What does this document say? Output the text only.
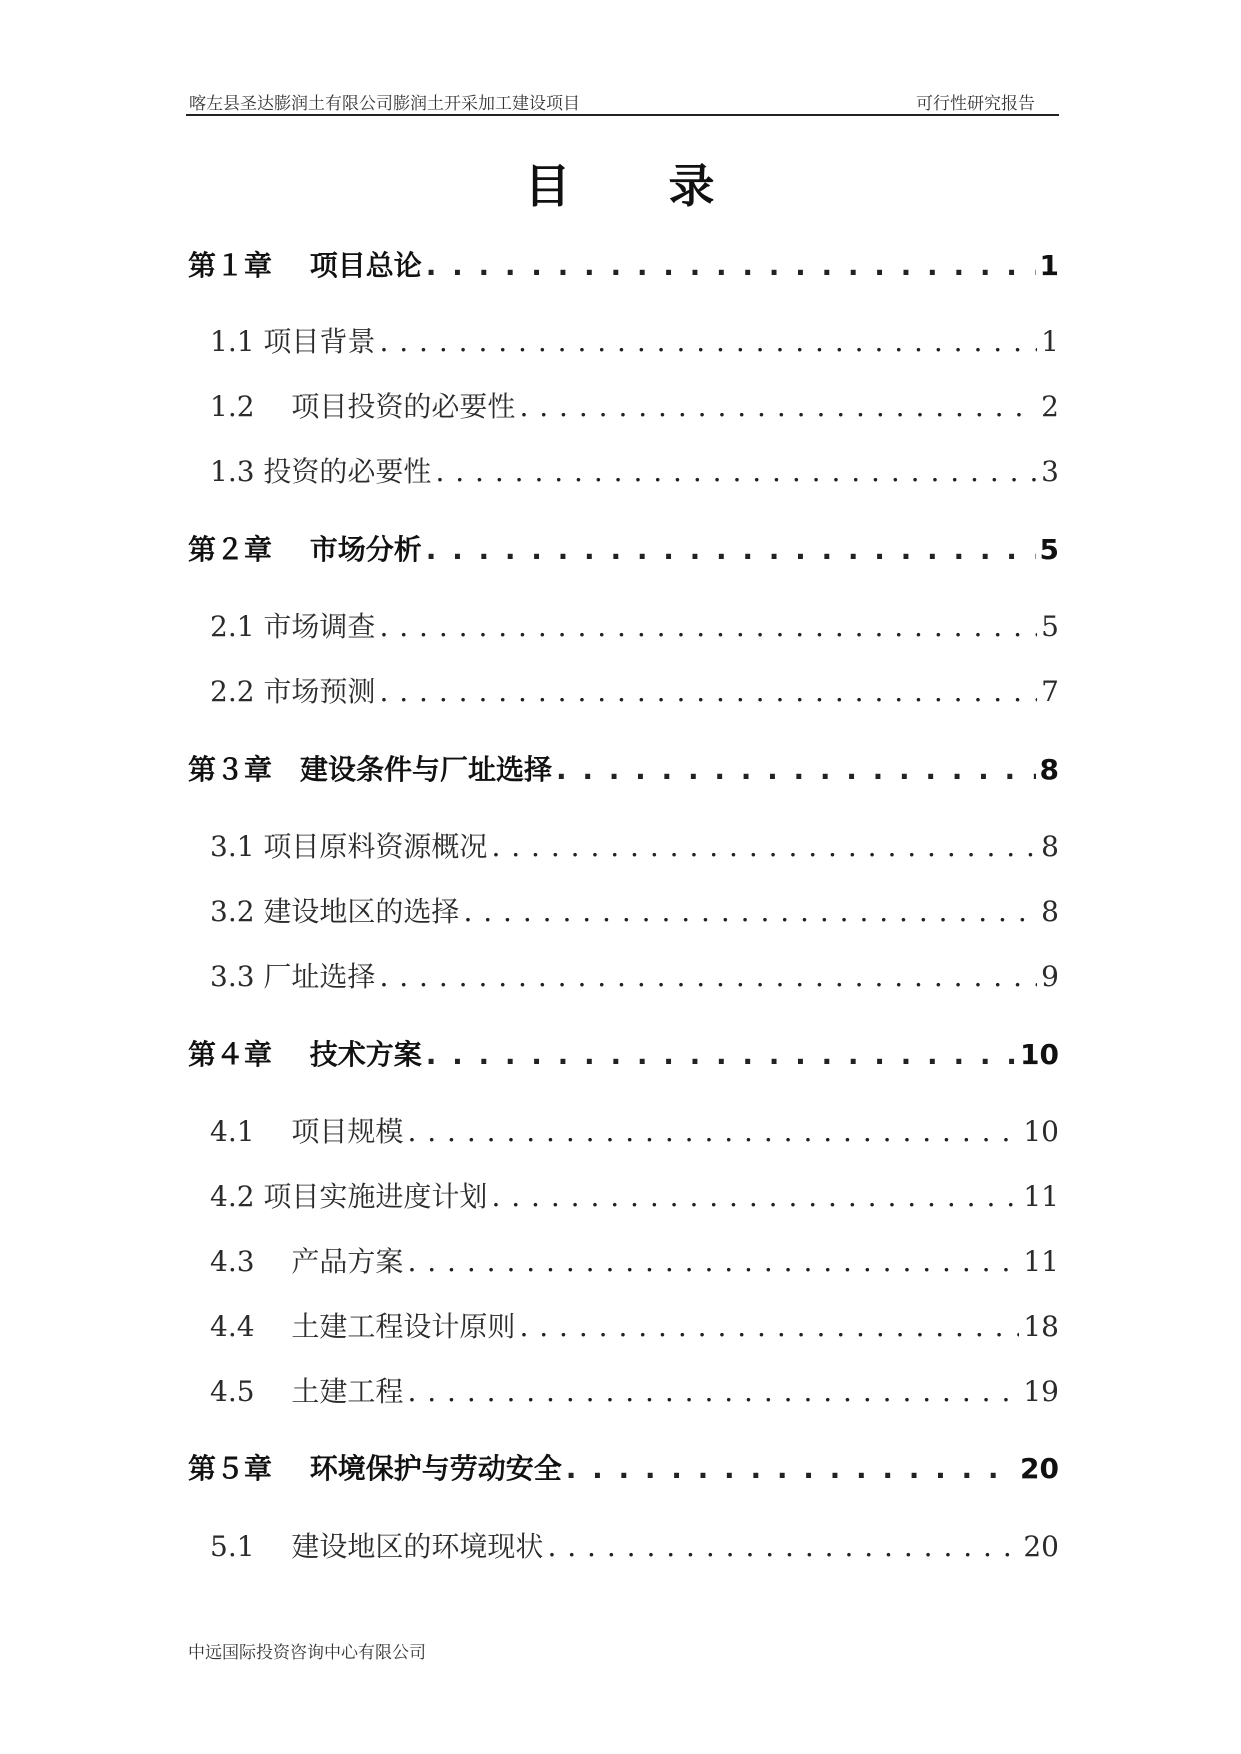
喀左县圣达膨润土有限公司膨润土开采加工建设项目	可行性研究报告
目　　录
第１章　 项目总论 . . .	1
1.1 项目背景 . . .	1
1.2　 项目投资的必要性 . . .	2
1.3 投资的必要性 . . .	3
第２章　 市场分析 . . .	5
2.1 市场调查 . . .	5
2.2 市场预测 . . .	7
第３章　建设条件与厂址选择 . . .	8
3.1 项目原料资源概况 . . .	8
3.2 建设地区的选择 . . .	8
3.3 厂址选择 . . .	9
第４章　 技术方案 . . .	10
4.1　 项目规模 . . .	10
4.2 项目实施进度计划 . . .	11
4.3　 产品方案 . . .	11
4.4　 土建工程设计原则 . . .	18
4.5　 土建工程 . . .	19
第５章　 环境保护与劳动安全 . . .	20
5.1　 建设地区的环境现状 . . .	20
中远国际投资咨询中心有限公司
